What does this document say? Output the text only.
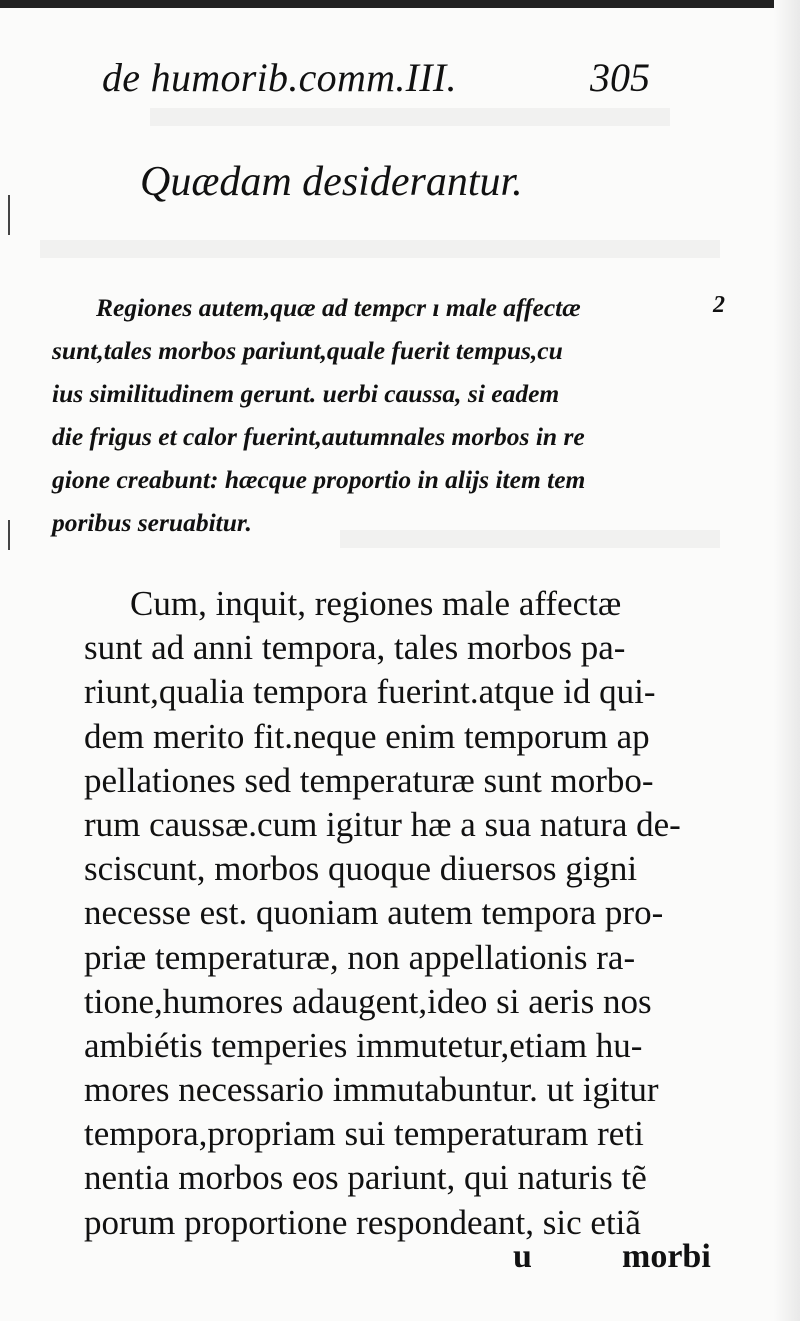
de humorib.comm.III.	305
Quædam desiderantur.
2
Regiones autem,quæ ad tempcr ı male affectæ
sunt,tales morbos pariunt,quale fuerit tempus,cu
ius similitudinem gerunt. uerbi caussa, si eadem
die frigus et calor fuerint,autumnales morbos in re
gione creabunt: hæcque proportio in alijs item tem
poribus seruabitur.
Cum, inquit, regiones male affectæ
sunt ad anni tempora, tales morbos pa-
riunt,qualia tempora fuerint.atque id qui-
dem merito fit.neque enim temporum ap
pellationes sed temperaturæ sunt morbo-
rum caussæ.cum igitur hæ a sua natura de-
sciscunt, morbos quoque diuersos gigni
necesse est. quoniam autem tempora pro-
priæ temperaturæ, non appellationis ra-
tione,humores adaugent,ideo si aeris nos
ambiétis temperies immutetur,etiam hu-
mores necessario immutabuntur. ut igitur
tempora,propriam sui temperaturam reti
nentia morbos eos pariunt, qui naturis tẽ
porum proportione respondeant, sic etiã
u	morbi
